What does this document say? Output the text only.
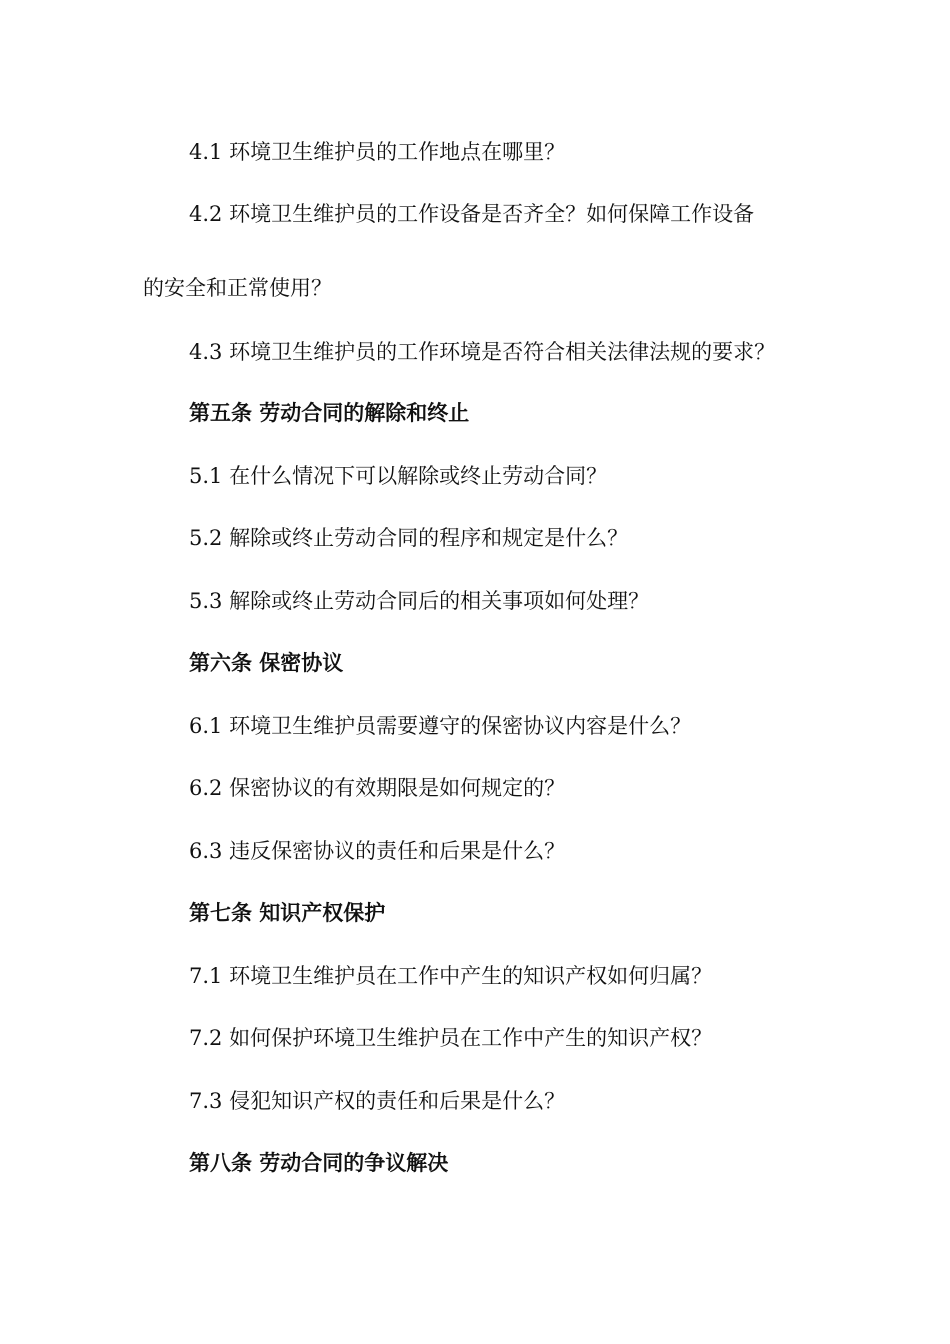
4.1 环境卫生维护员的工作地点在哪里？
4.2 环境卫生维护员的工作设备是否齐全？如何保障工作设备
的安全和正常使用？
4.3 环境卫生维护员的工作环境是否符合相关法律法规的要求？
第五条 劳动合同的解除和终止
5.1 在什么情况下可以解除或终止劳动合同？
5.2 解除或终止劳动合同的程序和规定是什么？
5.3 解除或终止劳动合同后的相关事项如何处理？
第六条 保密协议
6.1 环境卫生维护员需要遵守的保密协议内容是什么？
6.2 保密协议的有效期限是如何规定的？
6.3 违反保密协议的责任和后果是什么？
第七条 知识产权保护
7.1 环境卫生维护员在工作中产生的知识产权如何归属？
7.2 如何保护环境卫生维护员在工作中产生的知识产权？
7.3 侵犯知识产权的责任和后果是什么？
第八条 劳动合同的争议解决
